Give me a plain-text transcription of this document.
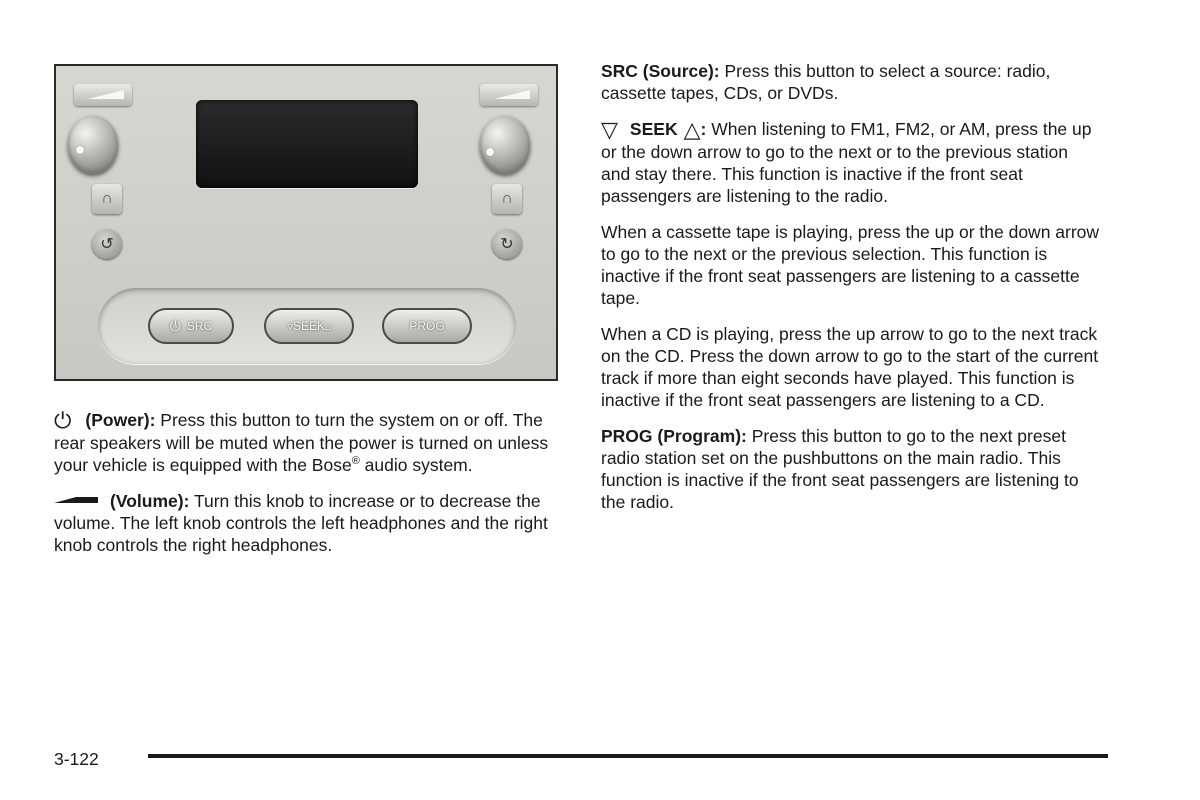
∩	∩
↺	↻
⏻ SRC	▿SEEK▵	PROG

⏻ (Power): Press this button to turn the system on or off. The rear speakers will be muted when the power is turned on unless your vehicle is equipped with the Bose® audio system.

(Volume): Turn this knob to increase or to decrease the volume. The left knob controls the left headphones and the right knob controls the right headphones.

SRC (Source): Press this button to select a source: radio, cassette tapes, CDs, or DVDs.

▽ SEEK △: When listening to FM1, FM2, or AM, press the up or the down arrow to go to the next or to the previous station and stay there. This function is inactive if the front seat passengers are listening to the radio.

When a cassette tape is playing, press the up or the down arrow to go to the next or the previous selection. This function is inactive if the front seat passengers are listening to a cassette tape.

When a CD is playing, press the up arrow to go to the next track on the CD. Press the down arrow to go to the start of the current track if more than eight seconds have played. This function is inactive if the front seat passengers are listening to a CD.

PROG (Program): Press this button to go to the next preset radio station set on the pushbuttons on the main radio. This function is inactive if the front seat passengers are listening to the radio.

3-122
